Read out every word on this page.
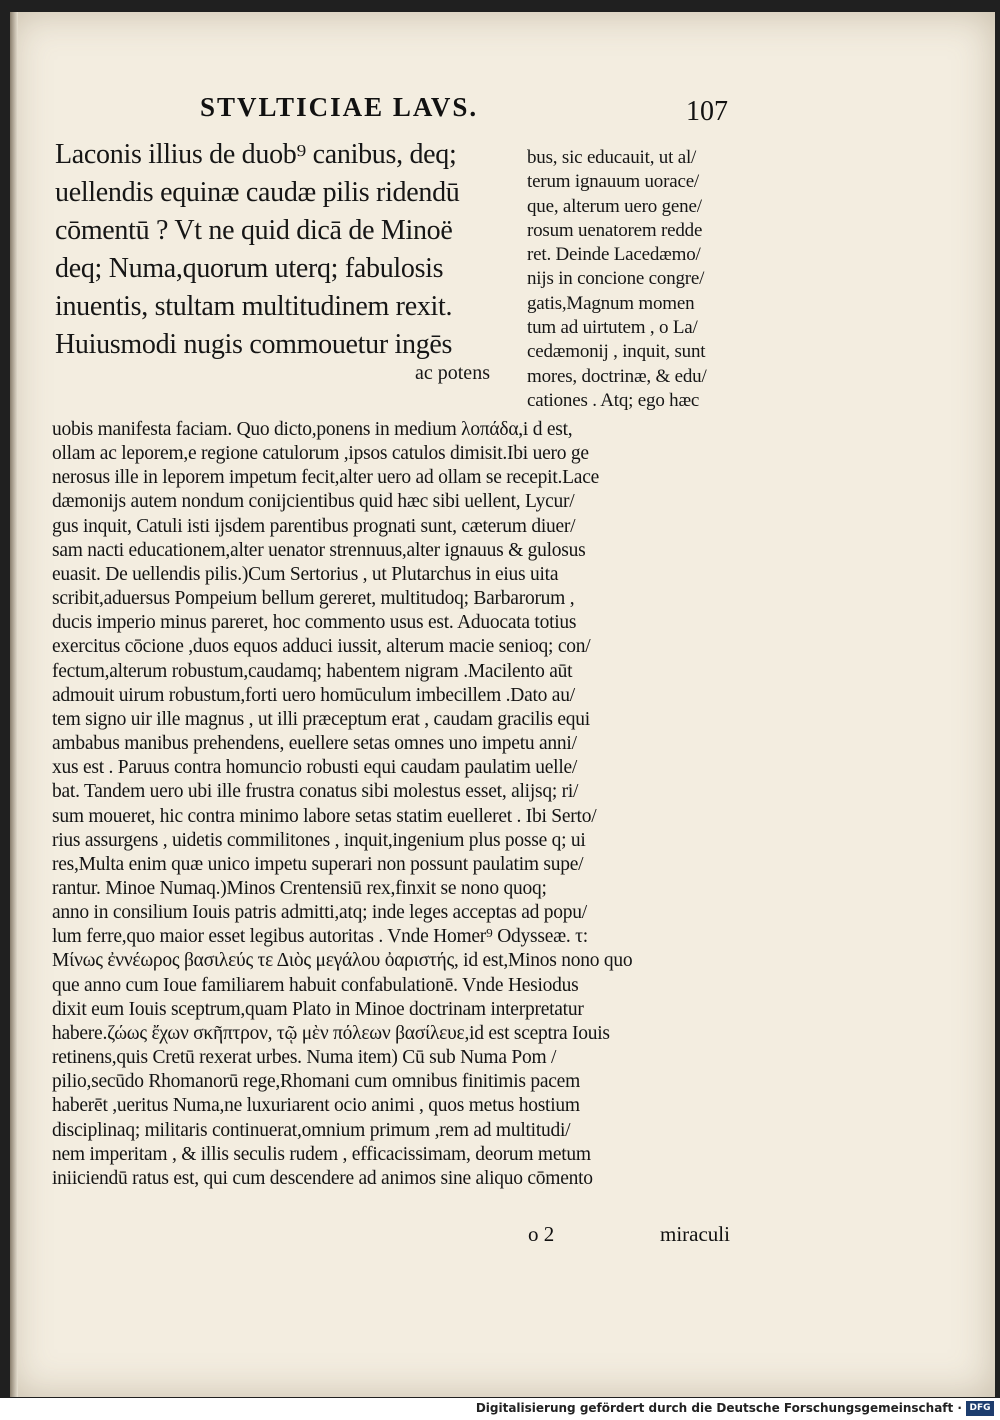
STVLTICIAE LAVS.	107
Laconis illius de duob⁹ canibus, deq;
uellendis equinæ caudæ pilis ridendū
cōmentū ? Vt ne quid dicā de Minoë
deq; Numa,quorum uterq; fabulosis
inuentis, stultam multitudinem rexit.
Huiusmodi nugis commouetur ingēs
ac potens
bus, sic educauit, ut al/
terum ignauum uorace/
que, alterum uero gene/
rosum uenatorem redde
ret. Deinde Lacedæmo/
nijs in concione congre/
gatis,Magnum momen
tum ad uirtutem , o La/
cedæmonij , inquit, sunt
mores, doctrinæ, & edu/
cationes . Atq; ego hæc
uobis manifesta faciam. Quo dicto,ponens in medium λοπάδα,i d est,
ollam ac leporem,e regione catulorum ,ipsos catulos dimisit.Ibi uero ge
nerosus ille in leporem impetum fecit,alter uero ad ollam se recepit.Lace
dæmonijs autem nondum conijcientibus quid hæc sibi uellent, Lycur/
gus inquit, Catuli isti ijsdem parentibus prognati sunt, cæterum diuer/
sam nacti educationem,alter uenator strennuus,alter ignauus & gulosus
euasit. De uellendis pilis.)Cum Sertorius , ut Plutarchus in eius uita
scribit,aduersus Pompeium bellum gereret, multitudoq; Barbarorum ,
ducis imperio minus pareret, hoc commento usus est. Aduocata totius
exercitus cōcione ,duos equos adduci iussit, alterum macie senioq; con/
fectum,alterum robustum,caudamq; habentem nigram .Macilento aūt
admouit uirum robustum,forti uero homūculum imbecillem .Dato au/
tem signo uir ille magnus , ut illi præceptum erat , caudam gracilis equi
ambabus manibus prehendens, euellere setas omnes uno impetu anni/
xus est . Paruus contra homuncio robusti equi caudam paulatim uelle/
bat. Tandem uero ubi ille frustra conatus sibi molestus esset, alijsq; ri/
sum moueret, hic contra minimo labore setas statim euelleret . Ibi Serto/
rius assurgens , uidetis commilitones , inquit,ingenium plus posse q; ui
res,Multa enim quæ unico impetu superari non possunt paulatim supe/
rantur. Minoe Numaq.)Minos Crentensiū rex,finxit se nono quoq;
anno in consilium Iouis patris admitti,atq; inde leges acceptas ad popu/
lum ferre,quo maior esset legibus autoritas . Vnde Homer⁹ Odysseæ. τ:
Μίνως ἐννέωρος βασιλεύς τε Διὸς μεγάλου ὀαριστής, id est,Minos nono quo
que anno cum Ioue familiarem habuit confabulationē. Vnde Hesiodus
dixit eum Iouis sceptrum,quam Plato in Minoe doctrinam interpretatur
habere.ζώως ἔχων σκῆπτρον, τῷ μὲν πόλεων βασίλευε,id est sceptra Iouis
retinens,quis Cretū rexerat urbes. Numa item) Cū sub Numa Pom /
pilio,secūdo Rhomanorū rege,Rhomani cum omnibus finitimis pacem
haberēt ,ueritus Numa,ne luxuriarent ocio animi , quos metus hostium
disciplinaq; militaris continuerat,omnium primum ,rem ad multitudi/
nem imperitam , & illis seculis rudem , efficacissimam, deorum metum
iniiciendū ratus est, qui cum descendere ad animos sine aliquo cōmento
o 2	miraculi
Digitalisierung gefördert durch die Deutsche Forschungsgemeinschaft · DFG
